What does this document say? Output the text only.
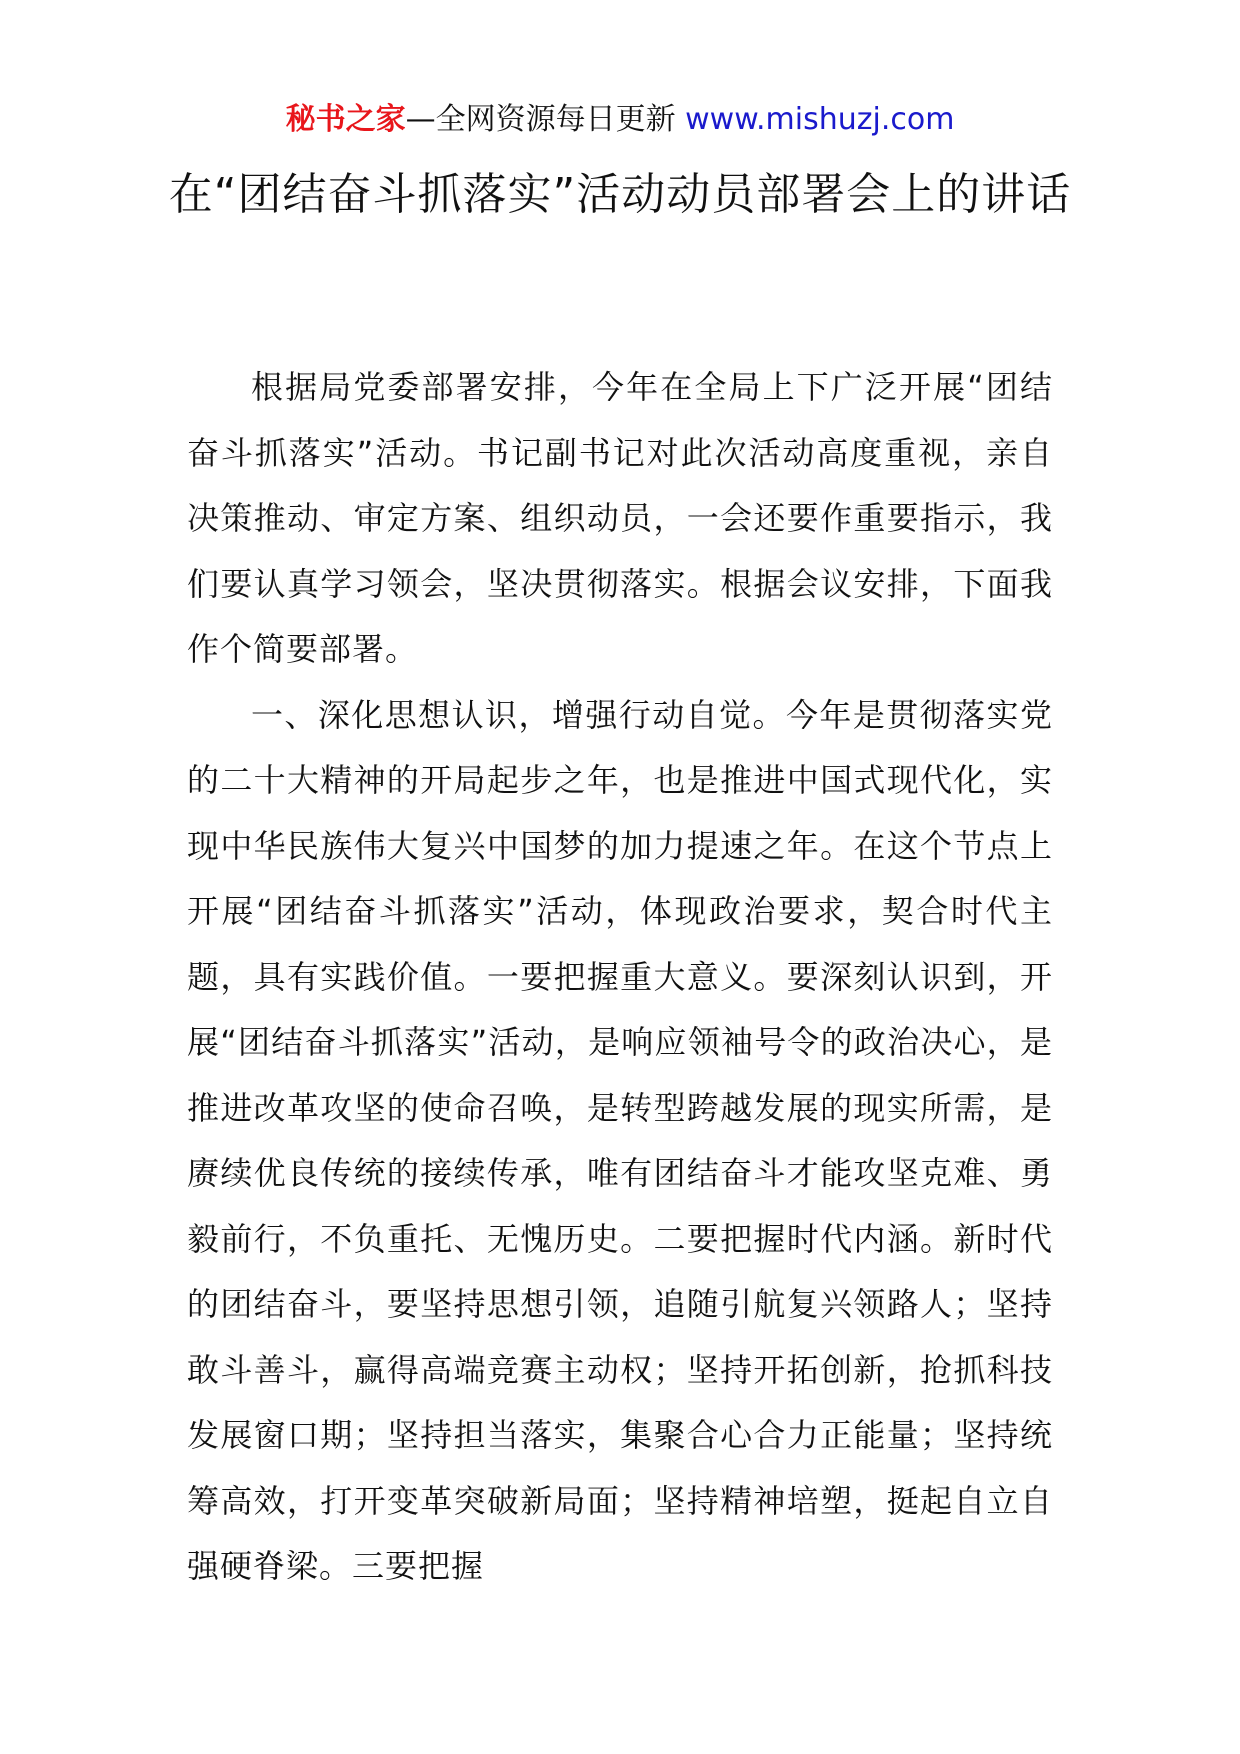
秘书之家—全网资源每日更新 www.mishuzj.com
在“团结奋斗抓落实”活动动员部署会上的讲话

根据局党委部署安排，今年在全局上下广泛开展“团结奋斗抓落实”活动。书记副书记对此次活动高度重视，亲自决策推动、审定方案、组织动员，一会还要作重要指示，我们要认真学习领会，坚决贯彻落实。根据会议安排，下面我作个简要部署。

一、深化思想认识，增强行动自觉。今年是贯彻落实党的二十大精神的开局起步之年，也是推进中国式现代化，实现中华民族伟大复兴中国梦的加力提速之年。在这个节点上开展“团结奋斗抓落实”活动，体现政治要求，契合时代主题，具有实践价值。一要把握重大意义。要深刻认识到，开展“团结奋斗抓落实”活动，是响应领袖号令的政治决心，是推进改革攻坚的使命召唤，是转型跨越发展的现实所需，是赓续优良传统的接续传承，唯有团结奋斗才能攻坚克难、勇毅前行，不负重托、无愧历史。二要把握时代内涵。新时代的团结奋斗，要坚持思想引领，追随引航复兴领路人；坚持敢斗善斗，赢得高端竞赛主动权；坚持开拓创新，抢抓科技发展窗口期；坚持担当落实，集聚合心合力正能量；坚持统筹高效，打开变革突破新局面；坚持精神培塑，挺起自立自强硬脊梁。三要把握
